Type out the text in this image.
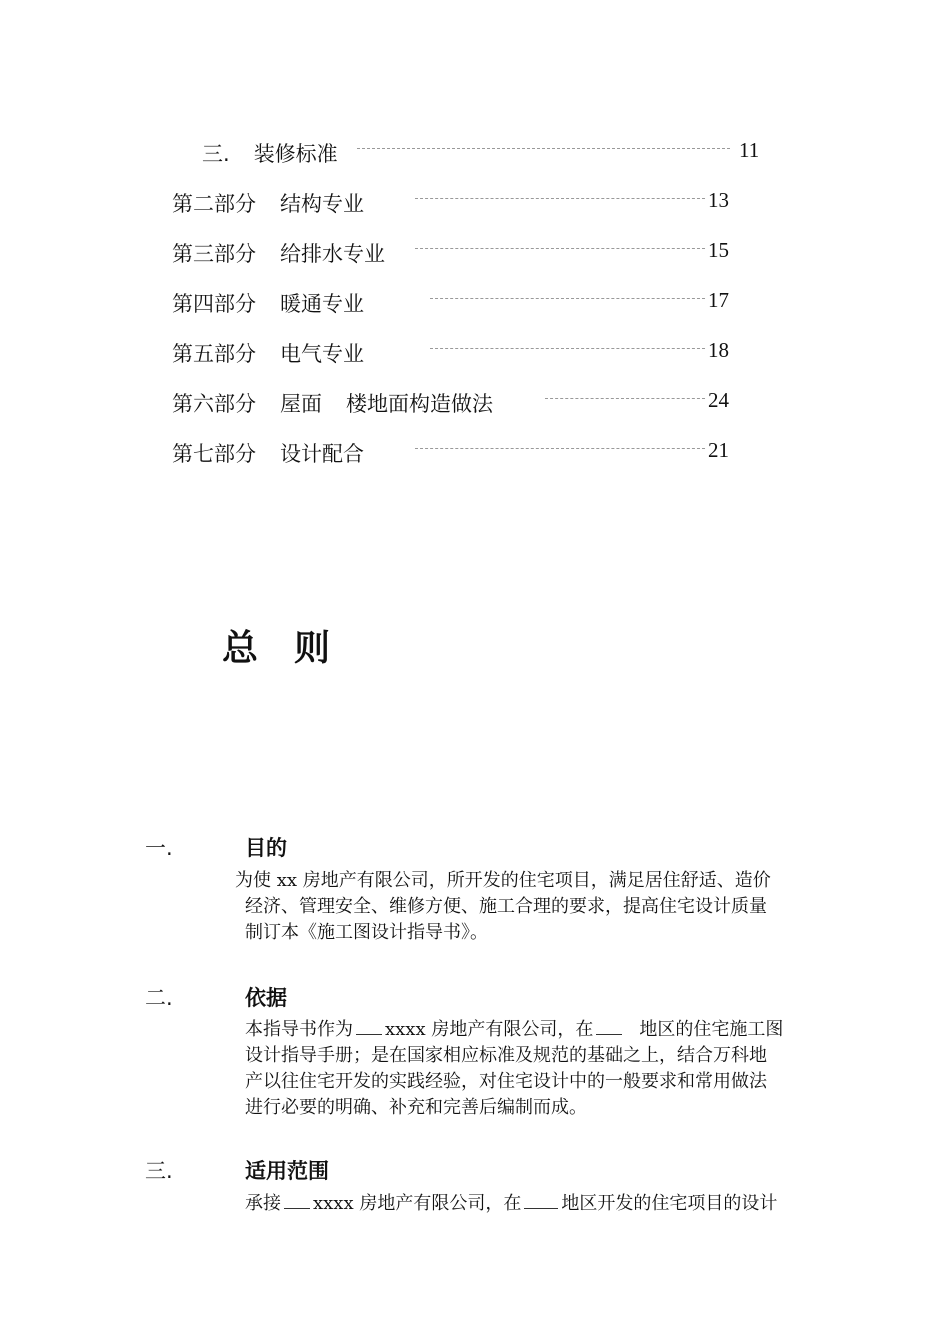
三. 装修标准	11
第二部分 结构专业	13
第三部分 给排水专业	15
第四部分 暖通专业	17
第五部分 电气专业	18
第六部分 屋面 楼地面构造做法	24
第七部分 设计配合	21
总 则
一.	目的
为使 xx 房地产有限公司，所开发的住宅项目，满足居住舒适、造价
经济、管理安全、维修方便、施工合理的要求，提高住宅设计质量
制订本《施工图设计指导书》。
二.	依据
本指导书作为 xxxx 房地产有限公司，在	地区的住宅施工图
设计指导手册；是在国家相应标准及规范的基础之上，结合万科地
产以往住宅开发的实践经验，对住宅设计中的一般要求和常用做法
进行必要的明确、补充和完善后编制而成。
三.	适用范围
承接 xxxx 房地产有限公司，在 地区开发的住宅项目的设计
